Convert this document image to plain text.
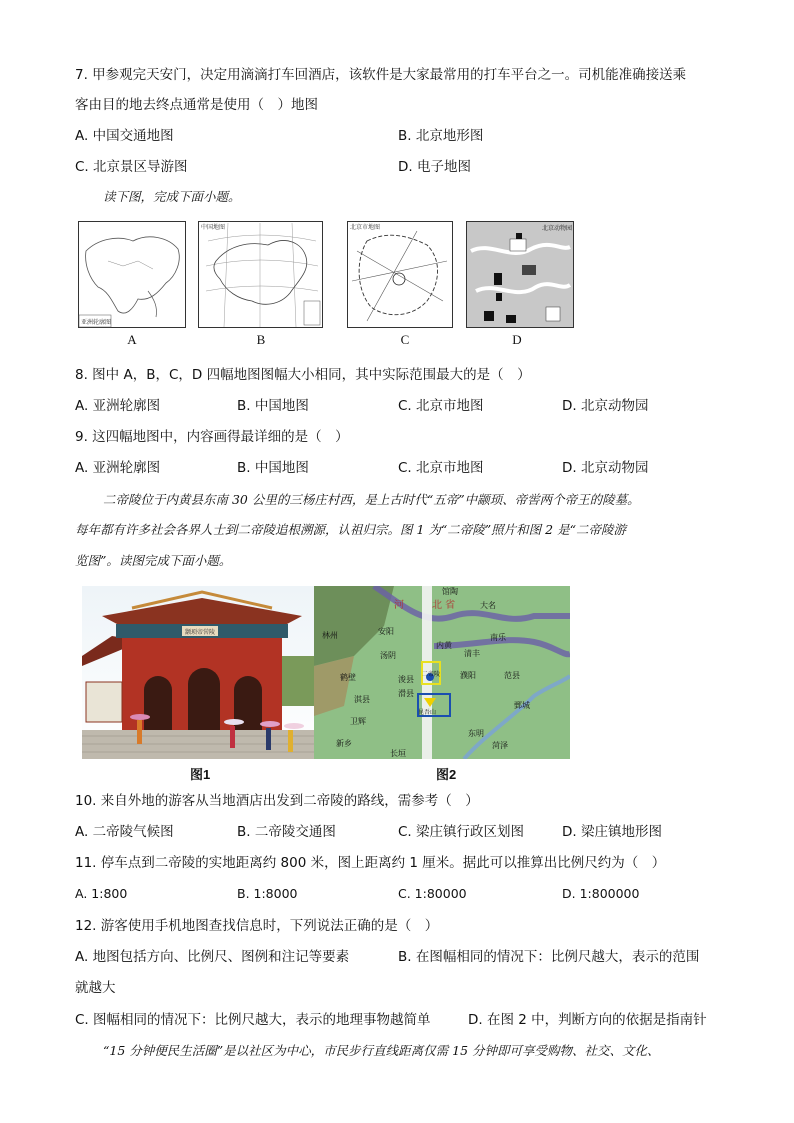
7. 甲参观完天安门，决定用滴滴打车回酒店，该软件是大家最常用的打车平台之一。司机能准确接送乘
客由目的地去终点通常是使用（　）地图
A. 中国交通地图	B. 北京地形图
C. 北京景区导游图	D. 电子地图
读下图，完成下面小题。
亚洲轮廓图
中国地图	北京市地图	北京动物园
A	B	C	D
8. 图中 A，B，C，D 四幅地图图幅大小相同，其中实际范围最大的是（　）
A. 亚洲轮廓图	B. 中国地图	C. 北京市地图	D. 北京动物园
9. 这四幅地图中，内容画得最详细的是（　）
A. 亚洲轮廓图	B. 中国地图	C. 北京市地图	D. 北京动物园
二帝陵位于内黄县东南 30 公里的三杨庄村西，是上古时代“五帝”中颛顼、帝喾两个帝王的陵墓。
每年都有许多社会各界人士到二帝陵追根溯源，认祖归宗。图 1 为“二帝陵”照片和图 2 是“二帝陵游
览图”。读图完成下面小题。
颛顼帝喾陵
河	北 省
二帝陵
昆吾山
安阳
汤阴
鹤壁	濮阳
新乡
卫辉
内黄
滑县
浚县
淇县
林州
清丰
南乐
大名
馆陶
范县
鄄城
东明
菏泽
长垣
图1	图2
10. 来自外地的游客从当地酒店出发到二帝陵的路线，需参考（　）
A. 二帝陵气候图	B. 二帝陵交通图	C. 梁庄镇行政区划图	D. 梁庄镇地形图
11. 停车点到二帝陵的实地距离约 800 米，图上距离约 1 厘米。据此可以推算出比例尺约为（　）
A. 1:800	B. 1:8000	C. 1:80000	D. 1:800000
12. 游客使用手机地图查找信息时，下列说法正确的是（　）
A. 地图包括方向、比例尺、图例和注记等要素	B. 在图幅相同的情况下：比例尺越大，表示的范围
就越大
C. 图幅相同的情况下：比例尺越大，表示的地理事物越简单	D. 在图 2 中，判断方向的依据是指南针
“15 分钟便民生活圈”是以社区为中心，市民步行直线距离仅需 15 分钟即可享受购物、社交、文化、
